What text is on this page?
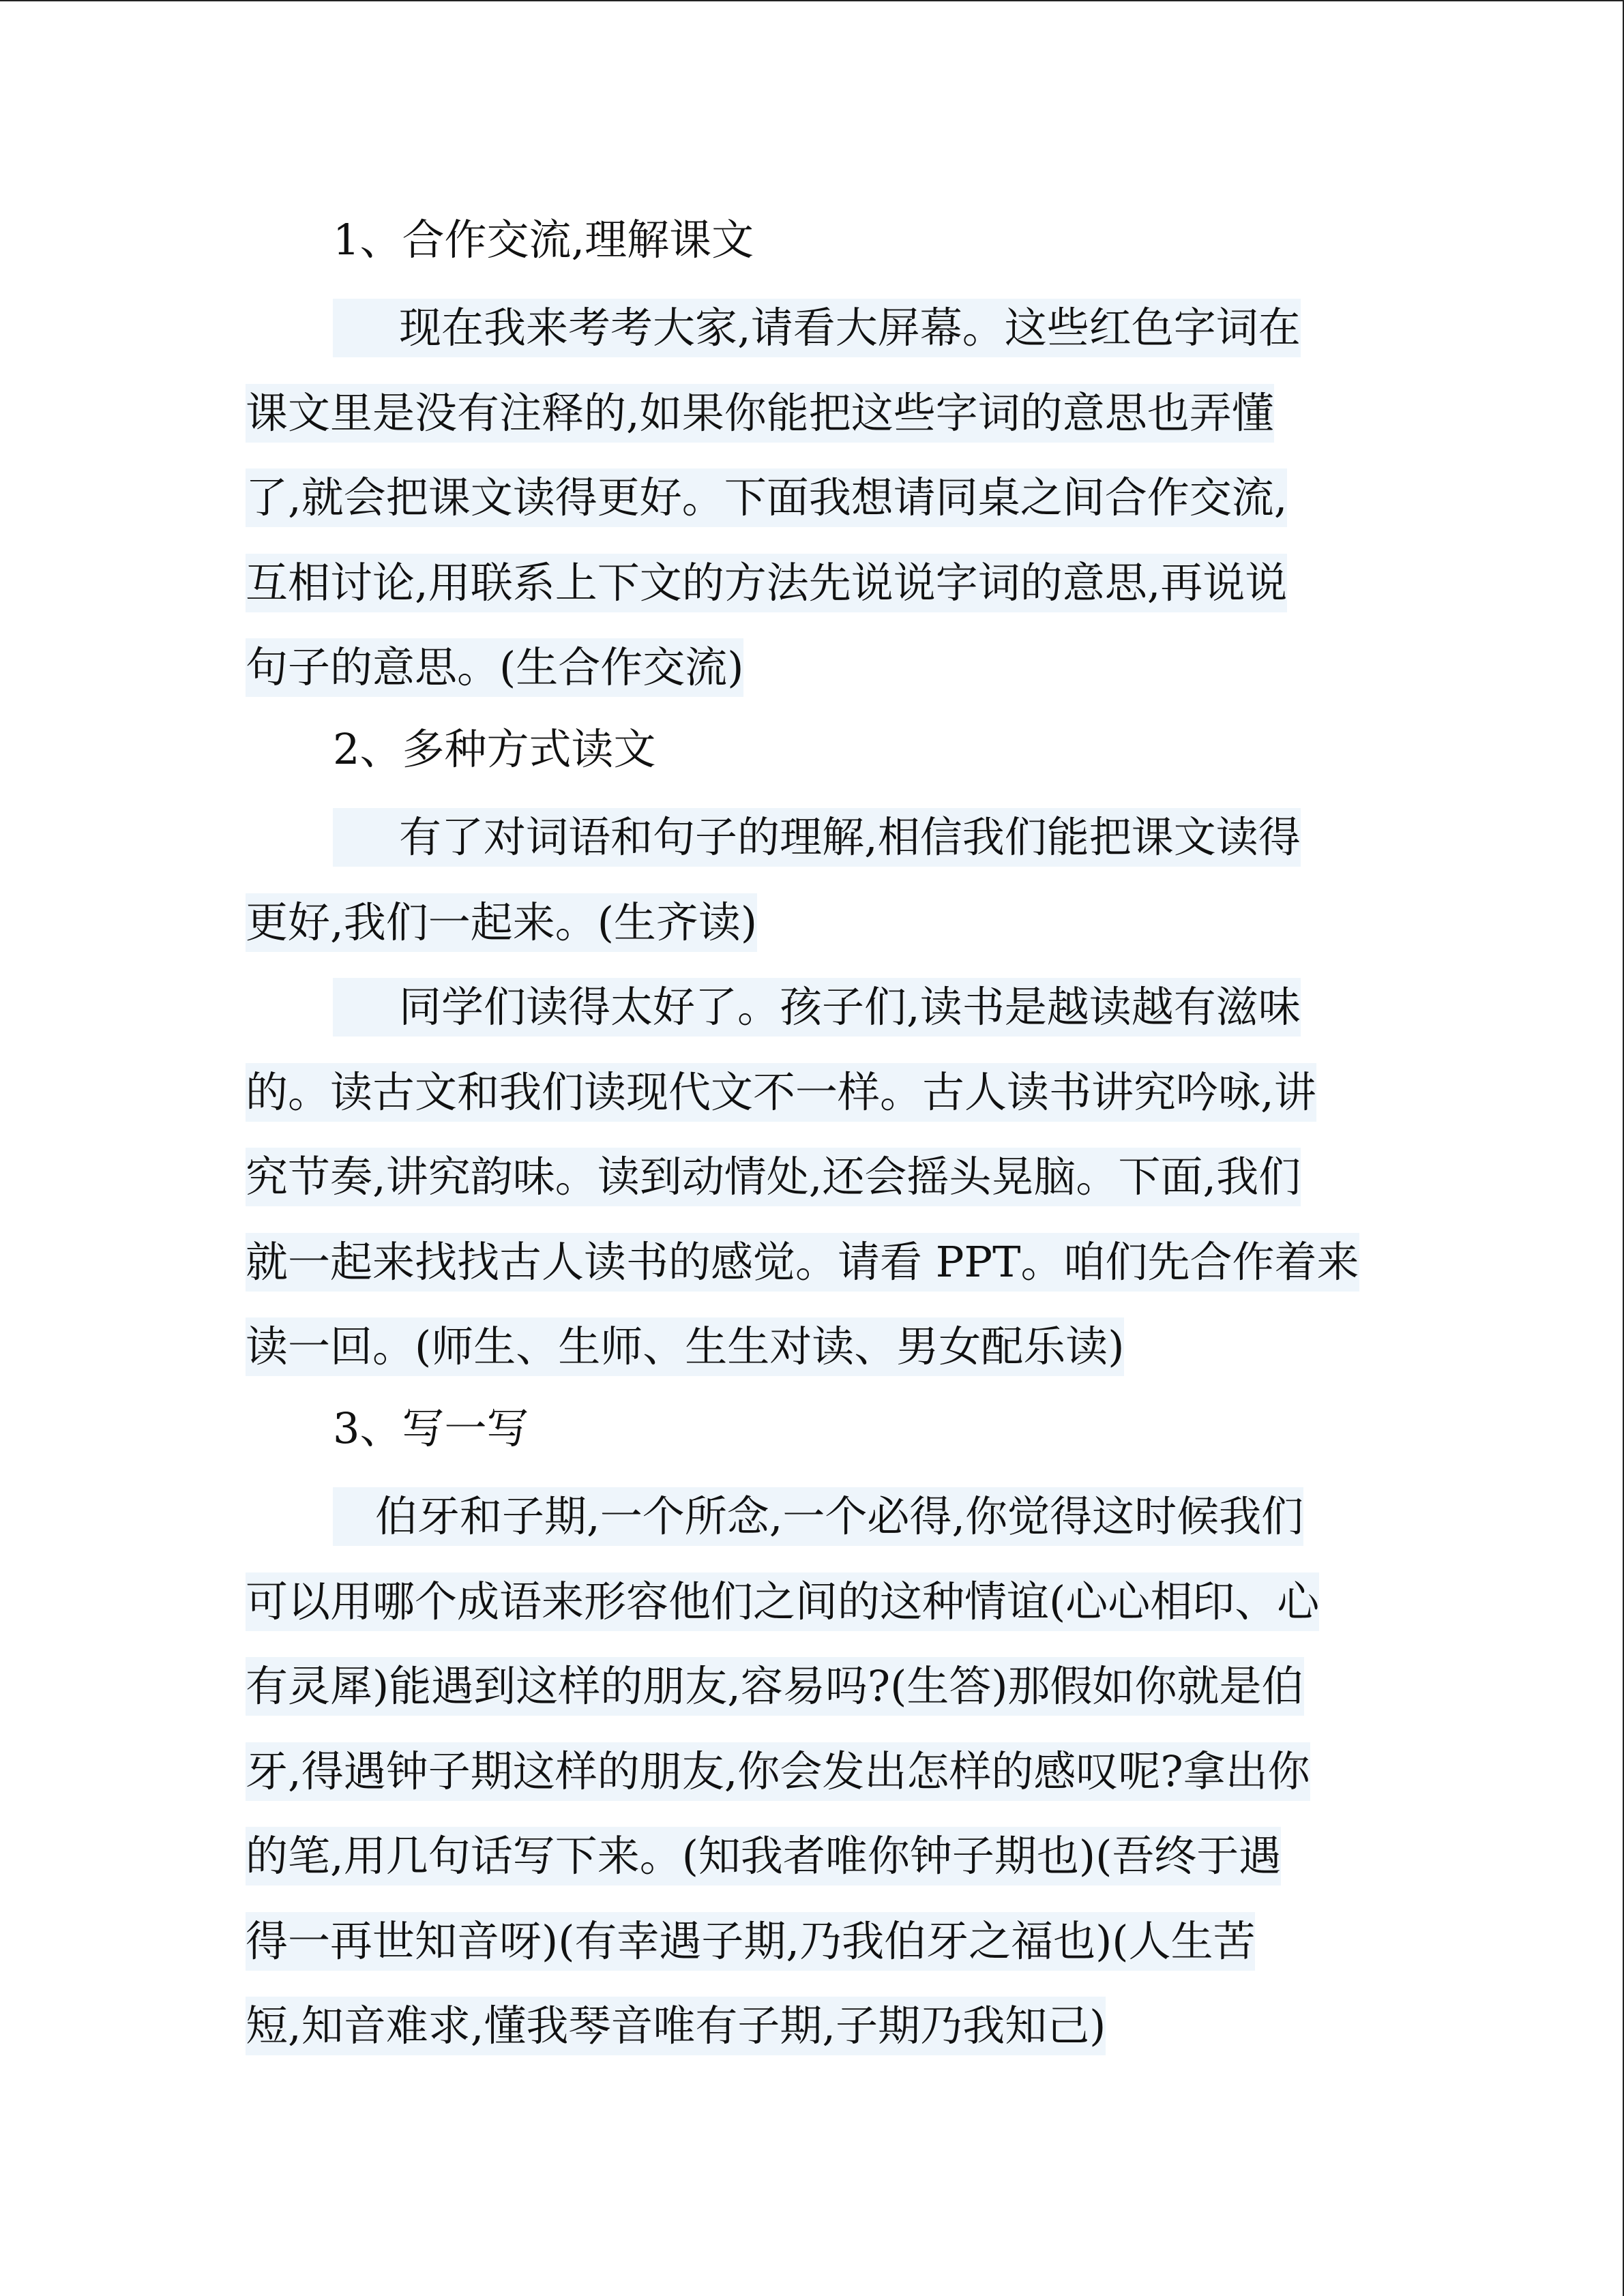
1、合作交流,理解课文
现在我来考考大家,请看大屏幕。这些红色字词在
课文里是没有注释的,如果你能把这些字词的意思也弄懂
了,就会把课文读得更好。下面我想请同桌之间合作交流,
互相讨论,用联系上下文的方法先说说字词的意思,再说说
句子的意思。(生合作交流)
2、多种方式读文
有了对词语和句子的理解,相信我们能把课文读得
更好,我们一起来。(生齐读)
同学们读得太好了。孩子们,读书是越读越有滋味
的。读古文和我们读现代文不一样。古人读书讲究吟咏,讲
究节奏,讲究韵味。读到动情处,还会摇头晃脑。下面,我们
就一起来找找古人读书的感觉。请看 PPT。咱们先合作着来
读一回。(师生、生师、生生对读、男女配乐读)
3、写一写
伯牙和子期,一个所念,一个必得,你觉得这时候我们
可以用哪个成语来形容他们之间的这种情谊(心心相印、心
有灵犀)能遇到这样的朋友,容易吗?(生答)那假如你就是伯
牙,得遇钟子期这样的朋友,你会发出怎样的感叹呢?拿出你
的笔,用几句话写下来。(知我者唯你钟子期也)(吾终于遇
得一再世知音呀)(有幸遇子期,乃我伯牙之福也)(人生苦
短,知音难求,懂我琴音唯有子期,子期乃我知己)
